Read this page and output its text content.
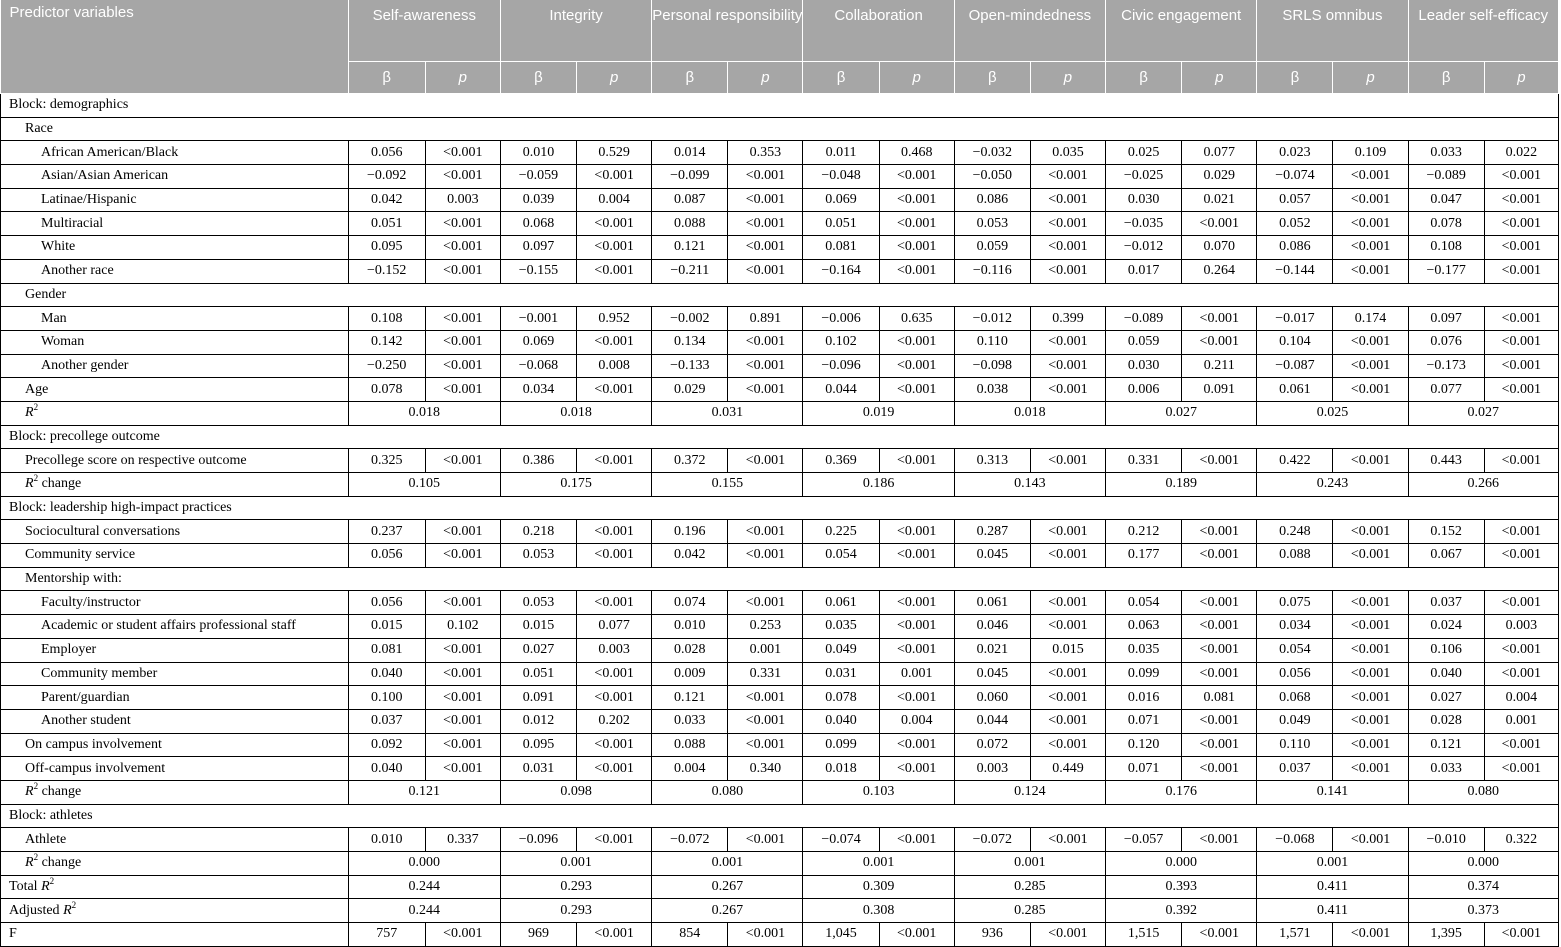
Predictor variables	Self-awareness		Integrity		Personal responsibility		Collaboration		Open-mindedness		Civic engagement		SRLS omnibus		Leader self-efficacy	
	β	p	β	p	β	p	β	p	β	p	β	p	β	p	β	p
Block: demographics																
Race																
African American/Black	0.056	<0.001	0.010	0.529	0.014	0.353	0.011	0.468	−0.032	0.035	0.025	0.077	0.023	0.109	0.033	0.022
Asian/Asian American	−0.092	<0.001	−0.059	<0.001	−0.099	<0.001	−0.048	<0.001	−0.050	<0.001	−0.025	0.029	−0.074	<0.001	−0.089	<0.001
Latinae/Hispanic	0.042	0.003	0.039	0.004	0.087	<0.001	0.069	<0.001	0.086	<0.001	0.030	0.021	0.057	<0.001	0.047	<0.001
Multiracial	0.051	<0.001	0.068	<0.001	0.088	<0.001	0.051	<0.001	0.053	<0.001	−0.035	<0.001	0.052	<0.001	0.078	<0.001
White	0.095	<0.001	0.097	<0.001	0.121	<0.001	0.081	<0.001	0.059	<0.001	−0.012	0.070	0.086	<0.001	0.108	<0.001
Another race	−0.152	<0.001	−0.155	<0.001	−0.211	<0.001	−0.164	<0.001	−0.116	<0.001	0.017	0.264	−0.144	<0.001	−0.177	<0.001
Gender																
Man	0.108	<0.001	−0.001	0.952	−0.002	0.891	−0.006	0.635	−0.012	0.399	−0.089	<0.001	−0.017	0.174	0.097	<0.001
Woman	0.142	<0.001	0.069	<0.001	0.134	<0.001	0.102	<0.001	0.110	<0.001	0.059	<0.001	0.104	<0.001	0.076	<0.001
Another gender	−0.250	<0.001	−0.068	0.008	−0.133	<0.001	−0.096	<0.001	−0.098	<0.001	0.030	0.211	−0.087	<0.001	−0.173	<0.001
Age	0.078	<0.001	0.034	<0.001	0.029	<0.001	0.044	<0.001	0.038	<0.001	0.006	0.091	0.061	<0.001	0.077	<0.001
$R^2$	0.018		0.018		0.031		0.019		0.018		0.027		0.025		0.027	
Block: precollege outcome																
Precollege score on respective outcome	0.325	<0.001	0.386	<0.001	0.372	<0.001	0.369	<0.001	0.313	<0.001	0.331	<0.001	0.422	<0.001	0.443	<0.001
$R^2$ change	0.105		0.175		0.155		0.186		0.143		0.189		0.243		0.266	
Block: leadership high-impact practices																
Sociocultural conversations	0.237	<0.001	0.218	<0.001	0.196	<0.001	0.225	<0.001	0.287	<0.001	0.212	<0.001	0.248	<0.001	0.152	<0.001
Community service	0.056	<0.001	0.053	<0.001	0.042	<0.001	0.054	<0.001	0.045	<0.001	0.177	<0.001	0.088	<0.001	0.067	<0.001
Mentorship with:																
Faculty/instructor	0.056	<0.001	0.053	<0.001	0.074	<0.001	0.061	<0.001	0.061	<0.001	0.054	<0.001	0.075	<0.001	0.037	<0.001
Academic or student affairs professional staff	0.015	0.102	0.015	0.077	0.010	0.253	0.035	<0.001	0.046	<0.001	0.063	<0.001	0.034	<0.001	0.024	0.003
Employer	0.081	<0.001	0.027	0.003	0.028	0.001	0.049	<0.001	0.021	0.015	0.035	<0.001	0.054	<0.001	0.106	<0.001
Community member	0.040	<0.001	0.051	<0.001	0.009	0.331	0.031	0.001	0.045	<0.001	0.099	<0.001	0.056	<0.001	0.040	<0.001
Parent/guardian	0.100	<0.001	0.091	<0.001	0.121	<0.001	0.078	<0.001	0.060	<0.001	0.016	0.081	0.068	<0.001	0.027	0.004
Another student	0.037	<0.001	0.012	0.202	0.033	<0.001	0.040	0.004	0.044	<0.001	0.071	<0.001	0.049	<0.001	0.028	0.001
On campus involvement	0.092	<0.001	0.095	<0.001	0.088	<0.001	0.099	<0.001	0.072	<0.001	0.120	<0.001	0.110	<0.001	0.121	<0.001
Off-campus involvement	0.040	<0.001	0.031	<0.001	0.004	0.340	0.018	<0.001	0.003	0.449	0.071	<0.001	0.037	<0.001	0.033	<0.001
$R^2$ change	0.121		0.098		0.080		0.103		0.124		0.176		0.141		0.080	
Block: athletes																
Athlete	0.010	0.337	−0.096	<0.001	−0.072	<0.001	−0.074	<0.001	−0.072	<0.001	−0.057	<0.001	−0.068	<0.001	−0.010	0.322
$R^2$ change	0.000		0.001		0.001		0.001		0.001		0.000		0.001		0.000	
Total $R^2$	0.244		0.293		0.267		0.309		0.285		0.393		0.411		0.374	
Adjusted $R^2$	0.244		0.293		0.267		0.308		0.285		0.392		0.411		0.373	
F	757	<0.001	969	<0.001	854	<0.001	1,045	<0.001	936	<0.001	1,515	<0.001	1,571	<0.001	1,395	<0.001
